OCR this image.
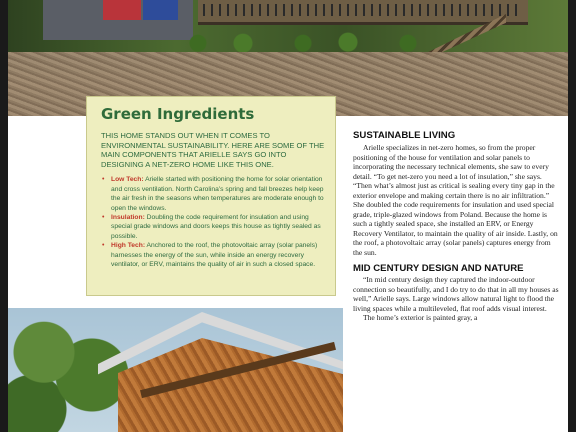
Green Ingredients

THIS HOME STANDS OUT WHEN IT COMES TO ENVIRONMENTAL SUSTAINABILITY. HERE ARE SOME OF THE MAIN COMPONENTS THAT ARIELLE SAYS GO INTO DESIGNING A NET-ZERO HOME LIKE THIS ONE.

• Low Tech: Arielle started with positioning the home for solar orientation and cross ventilation. North Carolina’s spring and fall breezes help keep the air fresh in the seasons when temperatures are moderate enough to open the windows.
• Insulation: Doubling the code requirement for insulation and using special grade windows and doors keeps this house as tightly sealed as possible.
• High Tech: Anchored to the roof, the photovoltaic array (solar panels) harnesses the energy of the sun, while inside an energy recovery ventilator, or ERV, maintains the quality of air in such a closed space.
SUSTAINABLE LIVING

Arielle specializes in net-zero homes, so from the proper positioning of the house for ventilation and solar panels to incorporating the necessary technical elements, she saw to every detail. “To get net-zero you need a lot of insulation,” she says. “Then what’s almost just as critical is sealing every tiny gap in the exterior envelope and making certain there is no air infiltration.” She doubled the code requirements for insulation and used special grade, triple-glazed windows from Poland. Because the home is such a tightly sealed space, she installed an ERV, or Energy Recovery Ventilator, to maintain the quality of air inside. Lastly, on the roof, a photovoltaic array (solar panels) captures energy from the sun.

MID CENTURY DESIGN AND NATURE

“In mid century design they captured the indoor-outdoor connection so beautifully, and I do try to do that in all my houses as well,” Arielle says. Large windows allow natural light to flood the living spaces while a multileveled, flat roof adds visual interest.

The home’s exterior is painted gray, a
